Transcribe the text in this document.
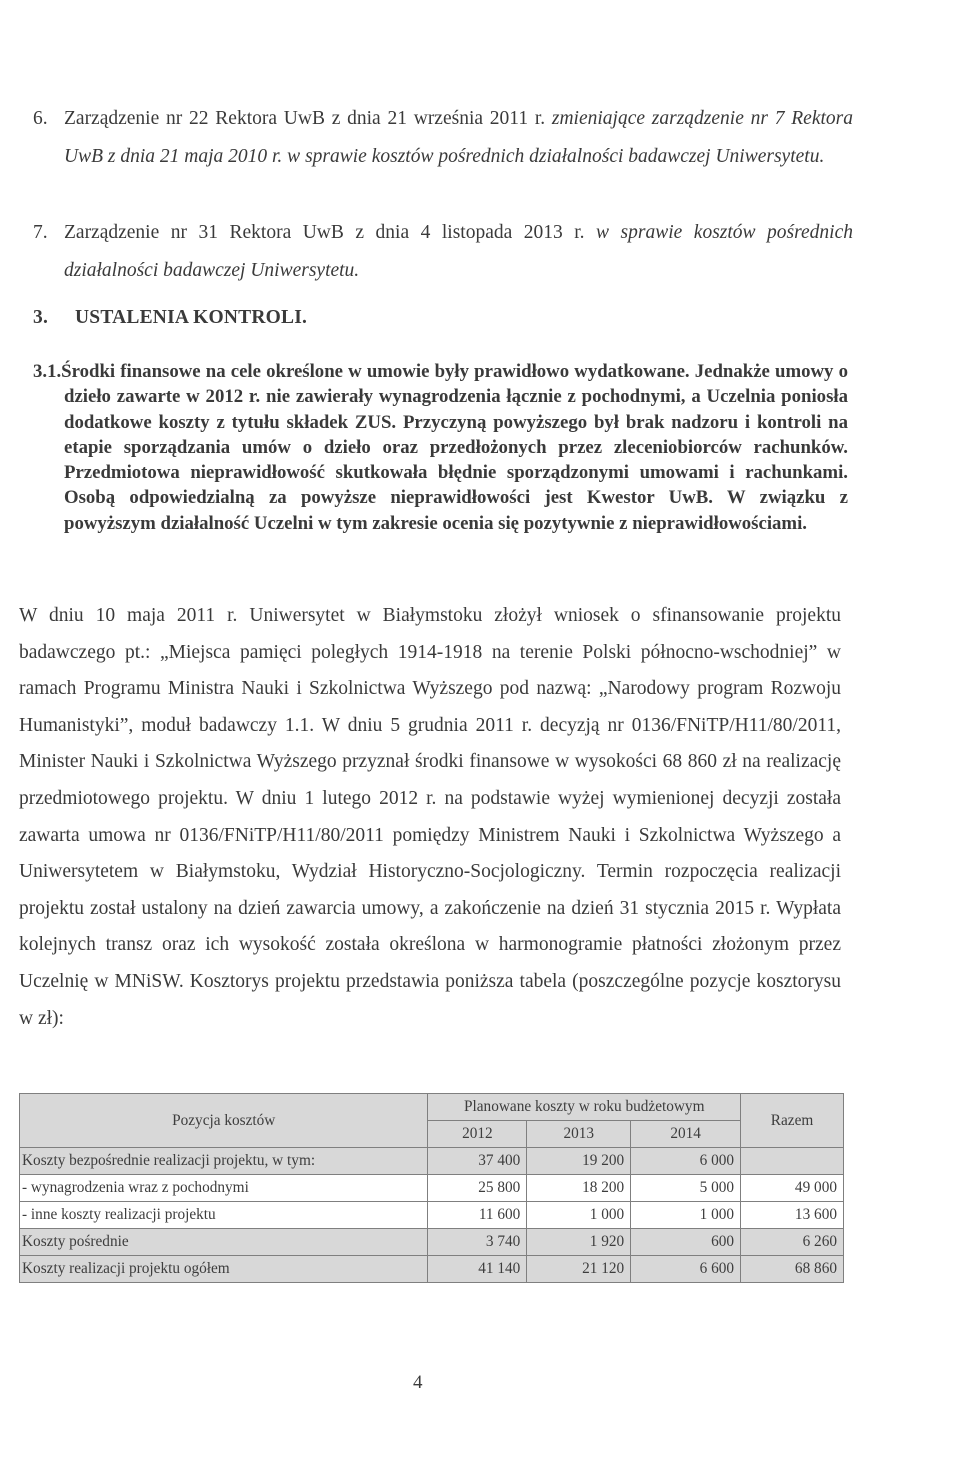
6. Zarządzenie nr 22 Rektora UwB z dnia 21 września 2011 r. zmieniające zarządzenie nr 7 Rektora UwB z dnia 21 maja 2010 r. w sprawie kosztów pośrednich działalności badawczej Uniwersytetu.
7. Zarządzenie nr 31 Rektora UwB z dnia 4 listopada 2013 r. w sprawie kosztów pośrednich działalności badawczej Uniwersytetu.
3. USTALENIA KONTROLI.
3.1.Środki finansowe na cele określone w umowie były prawidłowo wydatkowane. Jednakże umowy o dzieło zawarte w 2012 r. nie zawierały wynagrodzenia łącznie z pochodnymi, a Uczelnia poniosła dodatkowe koszty z tytułu składek ZUS. Przyczyną powyższego był brak nadzoru i kontroli na etapie sporządzania umów o dzieło oraz przedłożonych przez zleceniobiorców rachunków. Przedmiotowa nieprawidłowość skutkowała błędnie sporządzonymi umowami i rachunkami. Osobą odpowiedzialną za powyższe nieprawidłowości jest Kwestor UwB. W związku z powyższym działalność Uczelni w tym zakresie ocenia się pozytywnie z nieprawidłowościami.
W dniu 10 maja 2011 r. Uniwersytet w Białymstoku złożył wniosek o sfinansowanie projektu badawczego pt.: „Miejsca pamięci poległych 1914-1918 na terenie Polski północno-wschodniej” w ramach Programu Ministra Nauki i Szkolnictwa Wyższego pod nazwą: „Narodowy program Rozwoju Humanistyki”, moduł badawczy 1.1. W dniu 5 grudnia 2011 r. decyzją nr 0136/FNiTP/H11/80/2011, Minister Nauki i Szkolnictwa Wyższego przyznał środki finansowe w wysokości 68 860 zł na realizację przedmiotowego projektu. W dniu 1 lutego 2012 r. na podstawie wyżej wymienionej decyzji została zawarta umowa nr 0136/FNiTP/H11/80/2011 pomiędzy Ministrem Nauki i Szkolnictwa Wyższego a Uniwersytetem w Białymstoku, Wydział Historyczno-Socjologiczny. Termin rozpoczęcia realizacji projektu został ustalony na dzień zawarcia umowy, a zakończenie na dzień 31 stycznia 2015 r. Wypłata kolejnych transz oraz ich wysokość została określona w harmonogramie płatności złożonym przez Uczelnię w MNiSW. Kosztorys projektu przedstawia poniższa tabela (poszczególne pozycje kosztorysu w zł):
Pozycja kosztów	Planowane koszty w roku budżetowym			Razem
	2012	2013	2014	
Koszty bezpośrednie realizacji projektu, w tym:	37 400	19 200	6 000	
- wynagrodzenia wraz z pochodnymi	25 800	18 200	5 000	49 000
- inne koszty realizacji projektu	11 600	1 000	1 000	13 600
Koszty pośrednie	3 740	1 920	600	6 260
Koszty realizacji projektu ogółem	41 140	21 120	6 600	68 860
4
